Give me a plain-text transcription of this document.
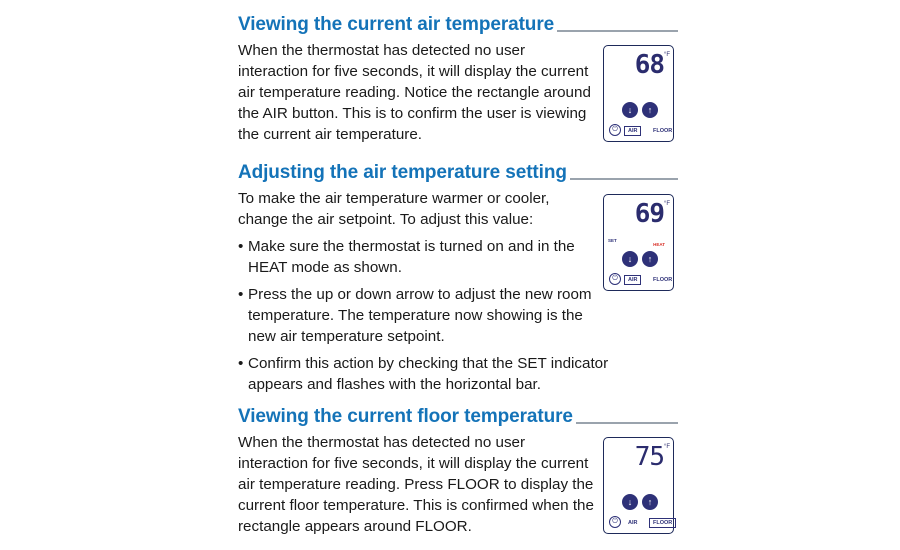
Viewing the current air temperature

When the thermostat has detected no user interaction for five seconds, it will display the current air temperature reading. Notice the rectangle around the AIR button. This is to confirm the user is viewing the current air temperature.

Adjusting the air temperature setting

To make the air temperature warmer or cooler, change the air setpoint. To adjust this value:

• Make sure the thermostat is turned on and in the HEAT mode as shown.
• Press the up or down arrow to adjust the new room temperature. The temperature now showing is the new air temperature setpoint.
• Confirm this action by checking that the SET indicator appears and flashes with the horizontal bar.
Viewing the current floor temperature

When the thermostat has detected no user interaction for five seconds, it will display the current air temperature reading. Press FLOOR to display the current floor temperature. This is confirmed when the rectangle appears around FLOOR.

68 °F
↓	↑
⏻	AIR	FLOOR
69 °F
SET
HEAT
↓	↑
⏻	AIR	FLOOR
75 °F
↓	↑
⏻	AIR	FLOOR
